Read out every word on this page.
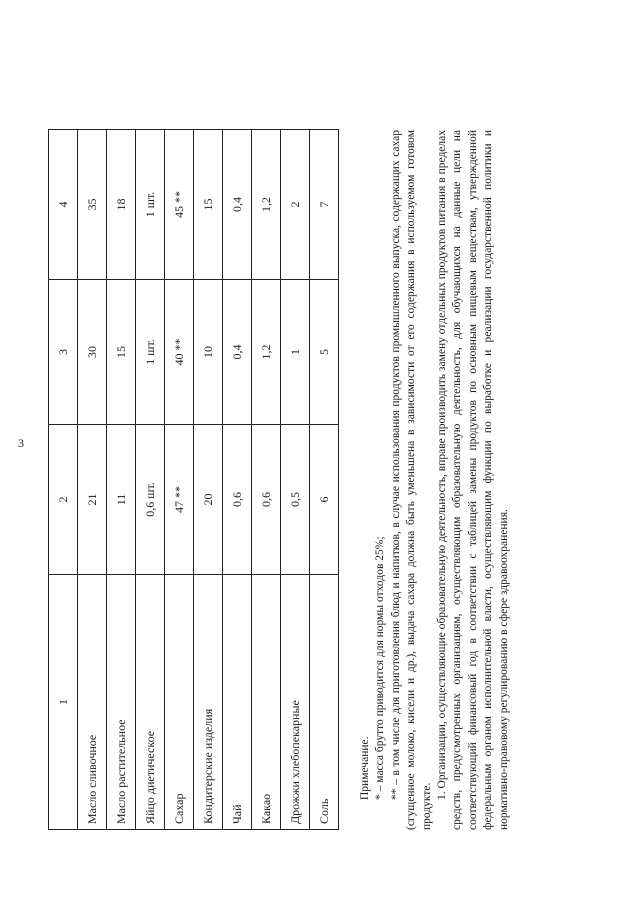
3
1	2	3	4
Масло сливочное	21	30	35
Масло растительное	11	15	18
Яйцо диетическое	0,6 шт.	1 шт.	1 шт.
Сахар	47 **	40 **	45 **
Кондитерские изделия	20	10	15
Чай	0,6	0,4	0,4
Какао	0,6	1,2	1,2
Дрожжи хлебопекарные	0,5	1	2
Соль	6	5	7

Примечание. * – масса брутто приводится для нормы отходов 25%; ** – в том числе для приготовления блюд и напитков, в случае использования продуктов промышленного выпуска, содержащих сахар (сгущенное молоко, кисели и др.), выдача сахара должна быть уменьшена в зависимости от его содержания в используемом готовом продукте.

1. Организации, осуществляющие образовательную деятельность, вправе производить замену отдельных продуктов питания в пределах средств, предусмотренных организациям, осуществляющим образовательную деятельность, для обучающихся на данные цели на соответствующий финансовый год в соответствии с таблицей замены продуктов по основным пищевым веществам, утвержденной федеральным органом исполнительной власти, осуществляющим функции по выработке и реализации государственной политики и нормативно-правовому регулированию в сфере здравоохранения.
